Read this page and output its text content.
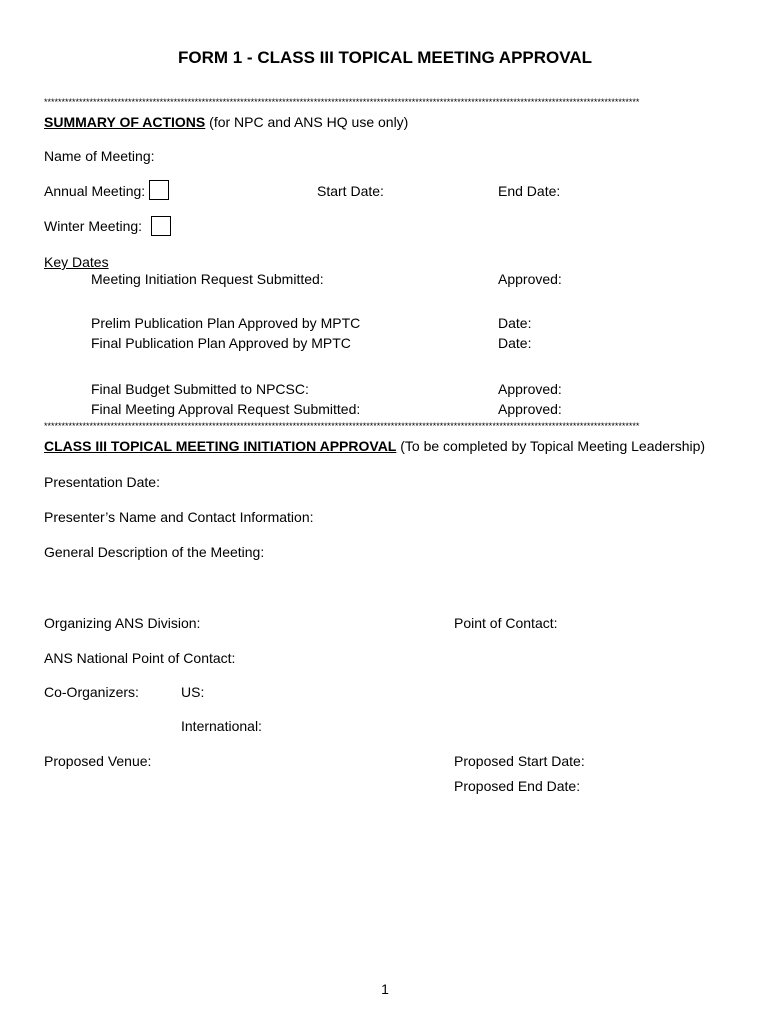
FORM 1 - CLASS III TOPICAL MEETING APPROVAL
**************************************************************************************************************************************************************************
SUMMARY OF ACTIONS (for NPC and ANS HQ use only)
Name of Meeting:
Annual Meeting:	Start Date:	End Date:
Winter Meeting:
Key Dates
Meeting Initiation Request Submitted:	Approved:
Prelim Publication Plan Approved by MPTC	Date:
Final Publication Plan Approved by MPTC	Date:
Final Budget Submitted to NPCSC:	Approved:
Final Meeting Approval Request Submitted:	Approved:
**************************************************************************************************************************************************************************
CLASS III TOPICAL MEETING INITIATION APPROVAL (To be completed by Topical Meeting Leadership)
Presentation Date:
Presenter’s Name and Contact Information:
General Description of the Meeting:
Organizing ANS Division:	Point of Contact:
ANS National Point of Contact:
Co-Organizers:	US:
International:
Proposed Venue:	Proposed Start Date:
Proposed End Date:
1
